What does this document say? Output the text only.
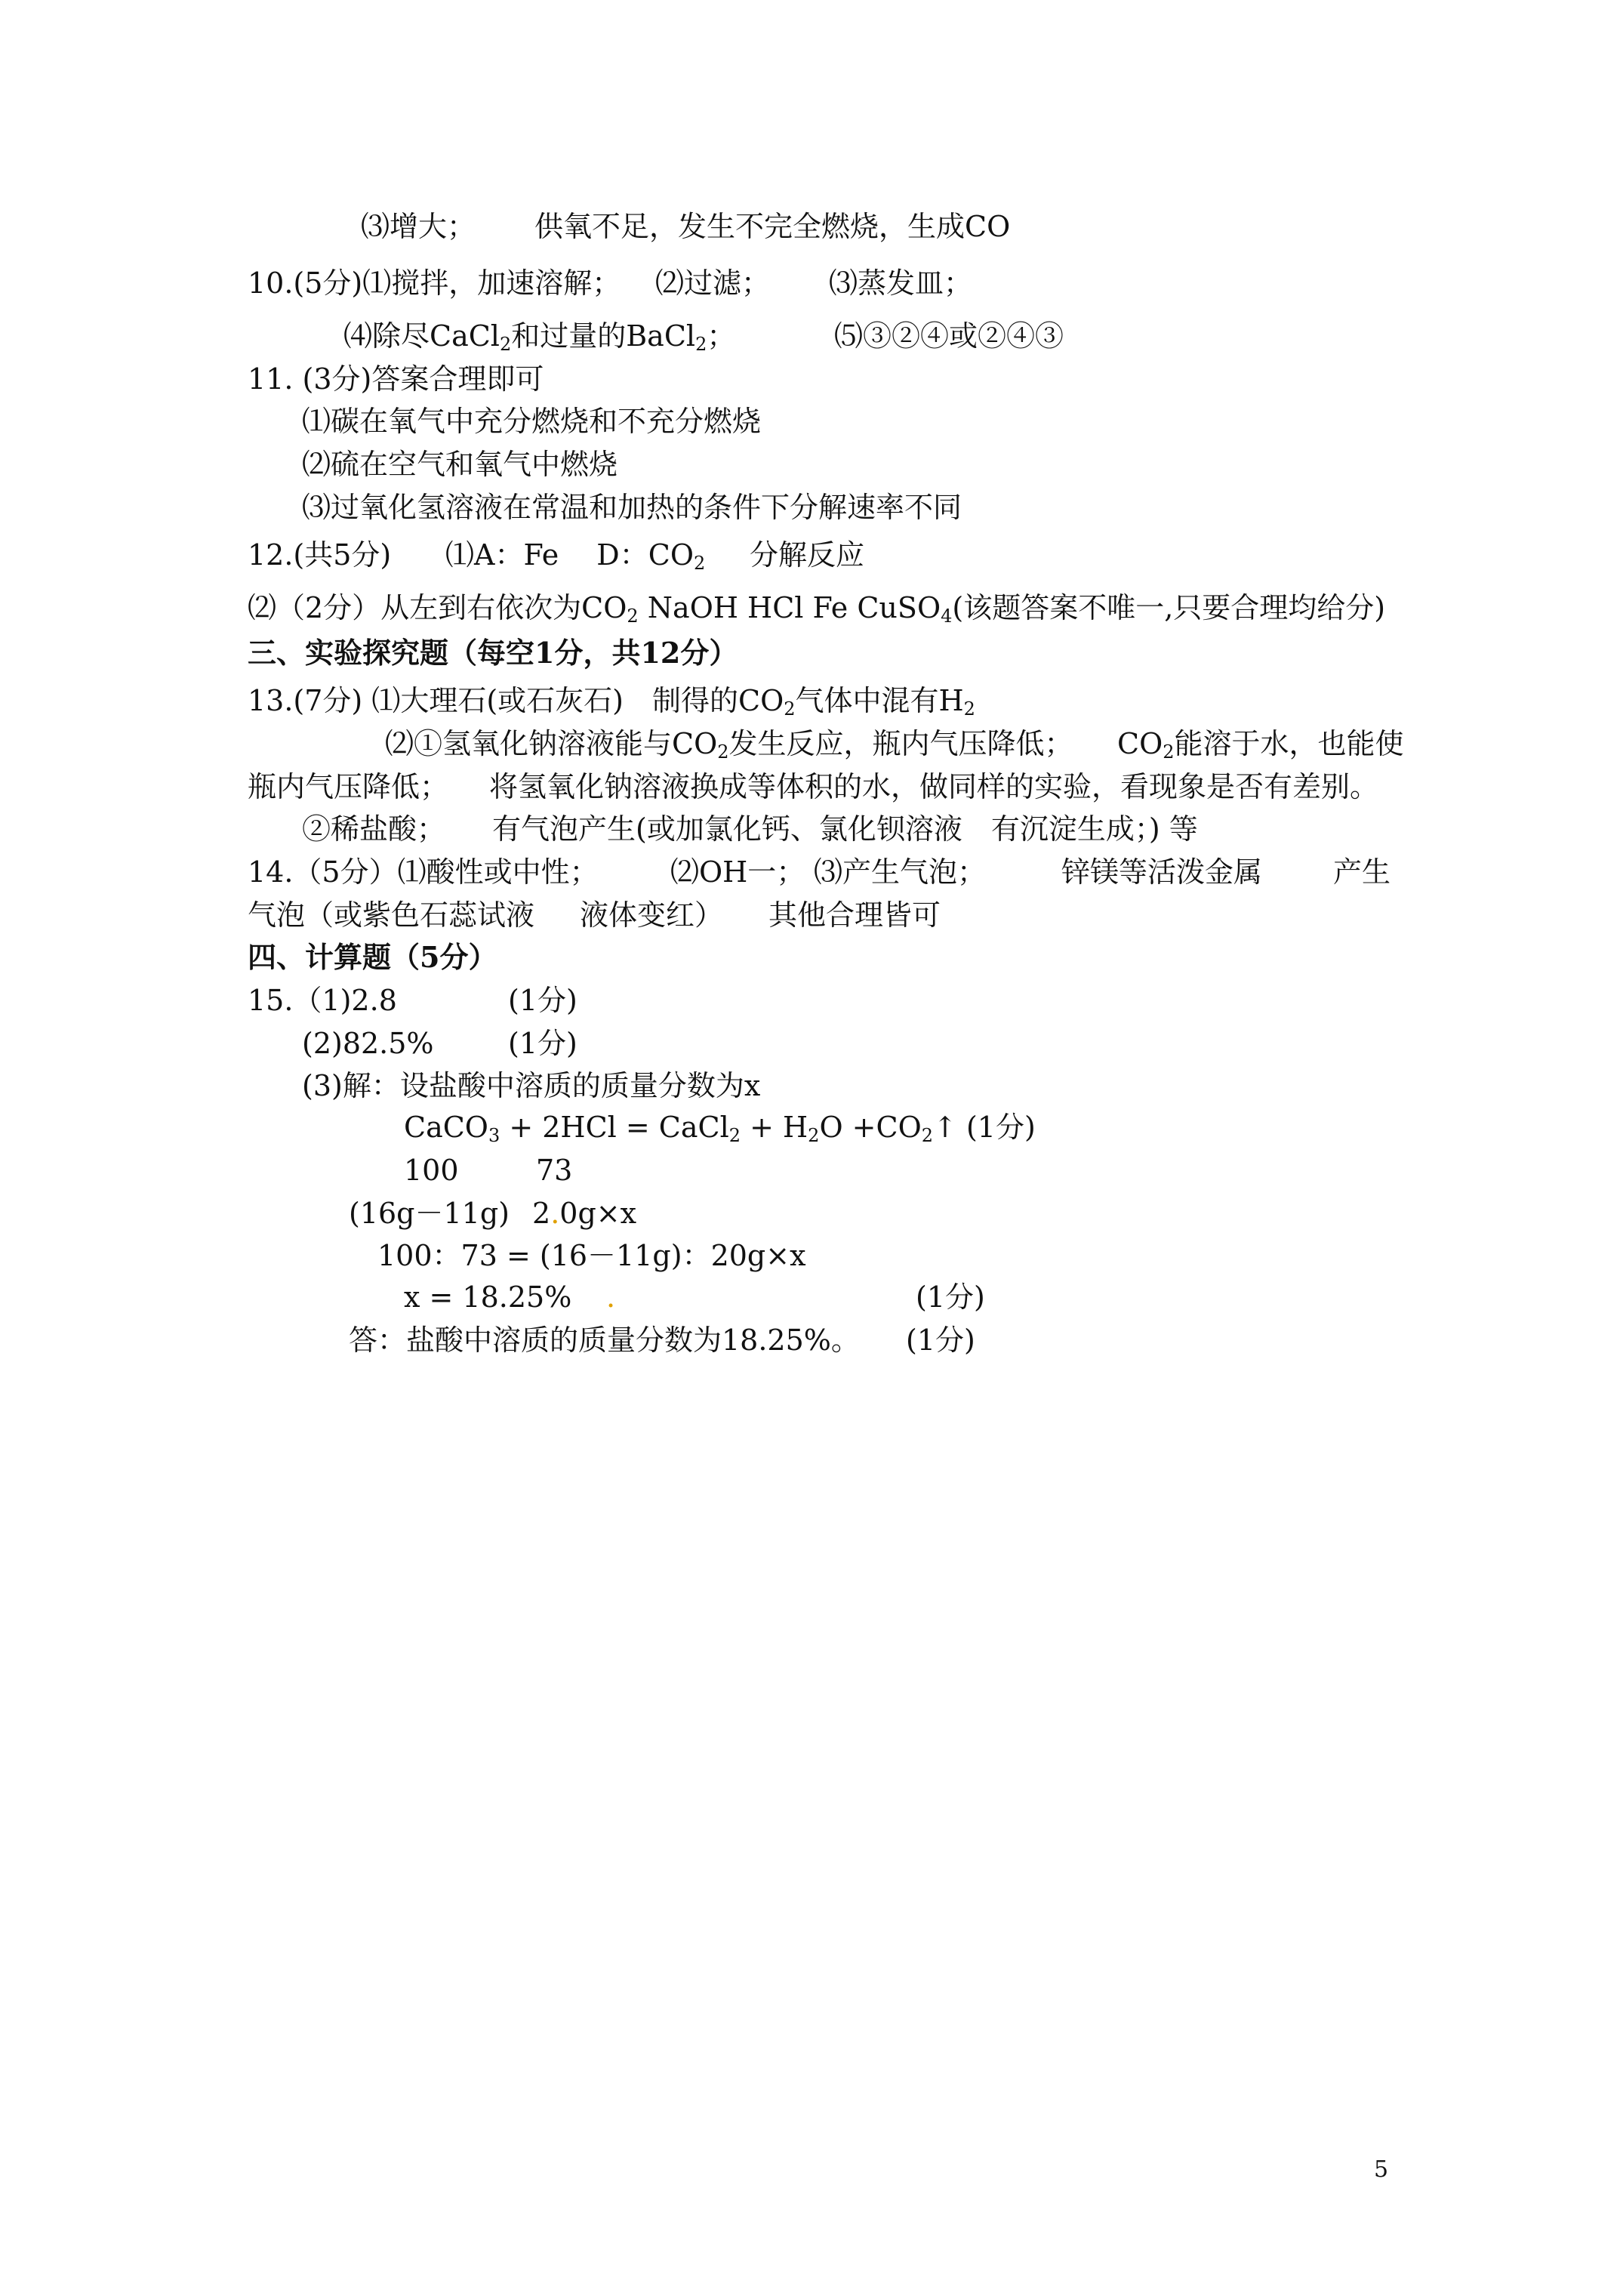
⑶增大； 供氧不足，发生不完全燃烧，生成CO
10.(5分)⑴搅拌，加速溶解； ⑵过滤； ⑶蒸发皿；
⑷除尽CaCl$_2$和过量的BaCl$_2$；	⑸③②④或②④③
11. (3分)答案合理即可
⑴碳在氧气中充分燃烧和不充分燃烧
⑵硫在空气和氧气中燃烧
⑶过氧化氢溶液在常温和加热的条件下分解速率不同
12.(共5分) ⑴A：Fe　 D：$CO_2$ 分解反应
⑵（2分）从左到右依次为$CO_2$ NaOH HCl Fe CuSO$_4$(该题答案不唯一,只要合理均给分)
三、实验探究题（每空1分，共12分）
13.(7分) ⑴大理石(或石灰石)　制得的$CO_2$气体中混有$H_2$
⑵①氢氧化钠溶液能与$CO_2$发生反应，瓶内气压降低； $CO_2$能溶于水，也能使
瓶内气压降低； 将氢氧化钠溶液换成等体积的水，做同样的实验，看现象是否有差别。
②稀盐酸； 有气泡产生(或加氯化钙、氯化钡溶液　有沉淀生成；) 等
14.（5分）⑴酸性或中性；	⑵OH一； ⑶产生气泡；	锌镁等活泼金属 产生
气泡（或紫色石蕊试液 液体变红） 其他合理皆可
四、计算题（5分）
15.（1)2.8	(1分)
(2)82.5%	(1分)
(3)解：设盐酸中溶质的质量分数为x
CaCO$_3$ + 2HCl = CaCl$_2$ + $H_2O$ $+CO_2↑$ (1分)
100	73
(16g－11g) 2.0g×x
100：73 = (16－11g)：20g×x
x = 18.25% .	(1分)
答：盐酸中溶质的质量分数为18.25%。 (1分)
5
